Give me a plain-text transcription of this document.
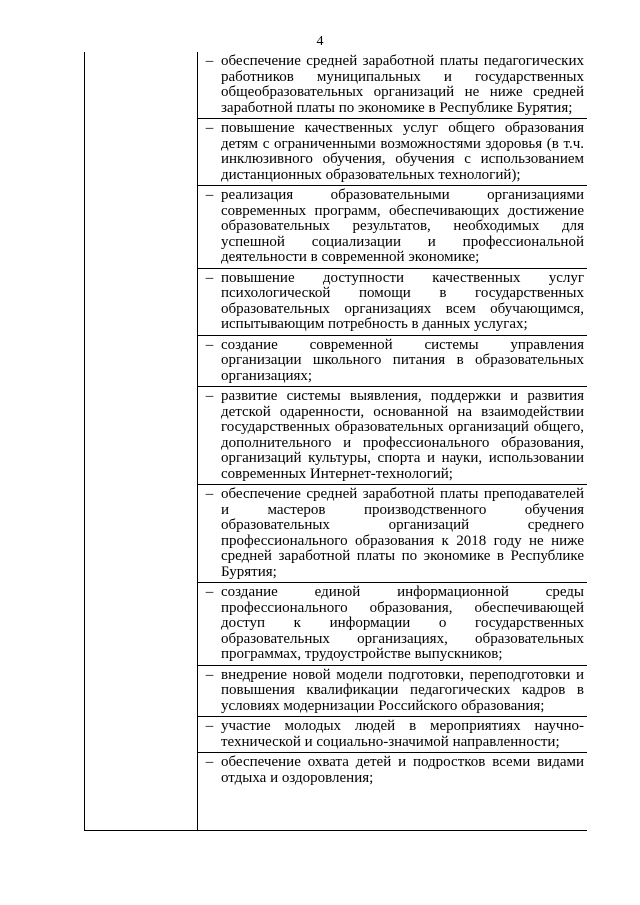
4
– обеспечение средней заработной платы педагогических работников муниципальных и государственных общеобразовательных организаций не ниже средней заработной платы по экономике в Республике Бурятия;
– повышение качественных услуг общего образования детям с ограниченными возможностями здоровья (в т.ч. инклюзивного обучения, обучения с использованием дистанционных образовательных технологий);
– реализация образовательными организациями современных программ, обеспечивающих достижение образовательных результатов, необходимых для успешной социализации и профессиональной деятельности в современной экономике;
– повышение доступности качественных услуг психологической помощи в государственных образовательных организациях всем обучающимся, испытывающим потребность в данных услугах;
– создание современной системы управления организации школьного питания в образовательных организациях;
– развитие системы выявления, поддержки и развития детской одаренности, основанной на взаимодействии государственных образовательных организаций общего, дополнительного и профессионального образования, организаций культуры, спорта и науки, использовании современных Интернет-технологий;
– обеспечение средней заработной платы преподавателей и мастеров производственного обучения образовательных организаций среднего профессионального образования к 2018 году не ниже средней заработной платы по экономике в Республике Бурятия;
– создание единой информационной среды профессионального образования, обеспечивающей доступ к информации о государственных образовательных организациях, образовательных программах, трудоустройстве выпускников;
– внедрение новой модели подготовки, переподготовки и повышения квалификации педагогических кадров в условиях модернизации Российского образования;
– участие молодых людей в мероприятиях научно-технической и социально-значимой направленности;
– обеспечение охвата детей и подростков всеми видами отдыха и оздоровления;
